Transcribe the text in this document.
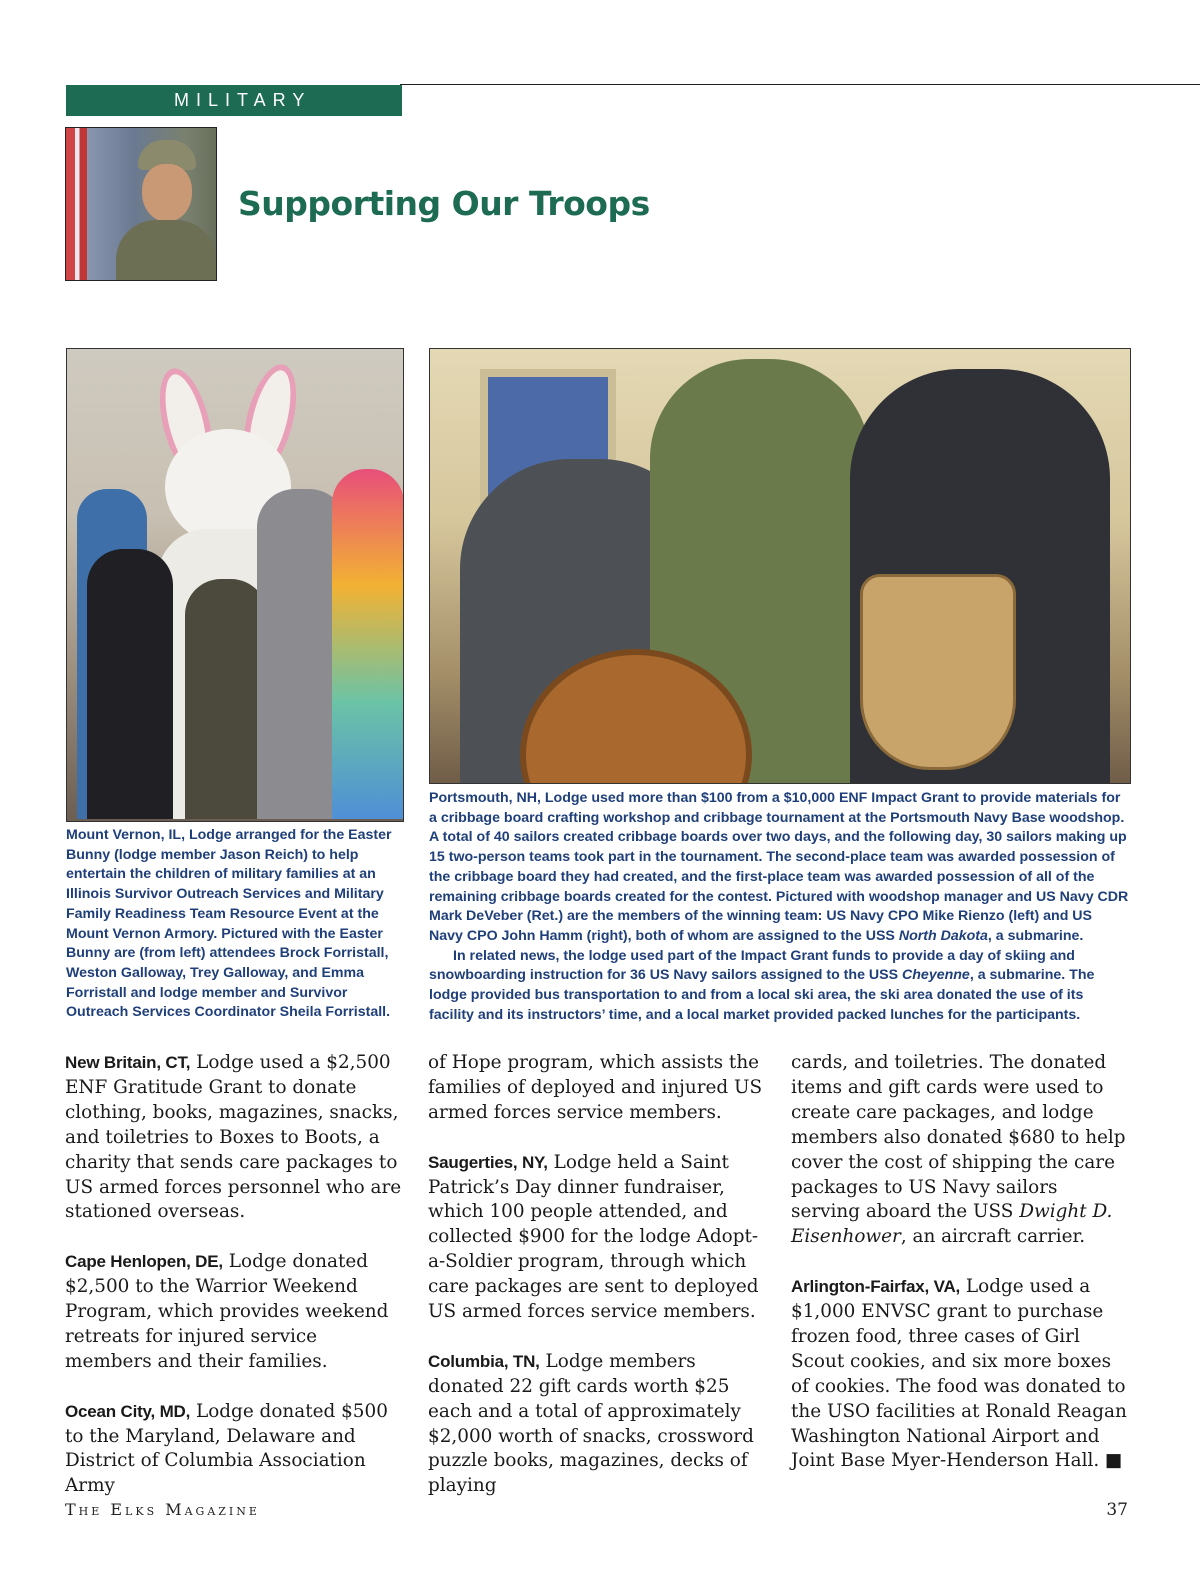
MILITARY
Supporting Our Troops
Mount Vernon, IL, Lodge arranged for the Easter Bunny (lodge member Jason Reich) to help entertain the children of military families at an Illinois Survivor Outreach Services and Military Family Readiness Team Resource Event at the Mount Vernon Armory. Pictured with the Easter Bunny are (from left) attendees Brock Forristall, Weston Galloway, Trey Galloway, and Emma Forristall and lodge member and Survivor Outreach Services Coordinator Sheila Forristall.

Portsmouth, NH, Lodge used more than $100 from a $10,000 ENF Impact Grant to provide materials for a cribbage board crafting workshop and cribbage tournament at the Portsmouth Navy Base woodshop. A total of 40 sailors created cribbage boards over two days, and the following day, 30 sailors making up 15 two-person teams took part in the tournament. The second-place team was awarded possession of the cribbage board they had created, and the first-place team was awarded possession of all of the remaining cribbage boards created for the contest. Pictured with woodshop manager and US Navy CDR Mark DeVeber (Ret.) are the members of the winning team: US Navy CPO Mike Rienzo (left) and US Navy CPO John Hamm (right), both of whom are assigned to the USS North Dakota, a submarine.

In related news, the lodge used part of the Impact Grant funds to provide a day of skiing and snowboarding instruction for 36 US Navy sailors assigned to the USS Cheyenne, a submarine. The lodge provided bus transportation to and from a local ski area, the ski area donated the use of its facility and its instructors’ time, and a local market provided packed lunches for the participants.

New Britain, CT, Lodge used a $2,500 ENF Gratitude Grant to donate clothing, books, magazines, snacks, and toiletries to Boxes to Boots, a charity that sends care packages to US armed forces personnel who are stationed overseas.

Cape Henlopen, DE, Lodge donated $2,500 to the Warrior Weekend Program, which provides weekend retreats for injured service members and their families.

Ocean City, MD, Lodge donated $500 to the Maryland, Delaware and District of Columbia Association Army

of Hope program, which assists the families of deployed and injured US armed forces service members.

Saugerties, NY, Lodge held a Saint Patrick’s Day dinner fundraiser, which 100 people attended, and collected $900 for the lodge Adopt-a-Soldier program, through which care packages are sent to deployed US armed forces service members.

Columbia, TN, Lodge members donated 22 gift cards worth $25 each and a total of approximately $2,000 worth of snacks, crossword puzzle books, magazines, decks of playing

cards, and toiletries. The donated items and gift cards were used to create care packages, and lodge members also donated $680 to help cover the cost of shipping the care packages to US Navy sailors serving aboard the USS Dwight D. Eisenhower, an aircraft carrier.

Arlington-Fairfax, VA, Lodge used a $1,000 ENVSC grant to purchase frozen food, three cases of Girl Scout cookies, and six more boxes of cookies. The food was donated to the USO facilities at Ronald Reagan Washington National Airport and Joint Base Myer-Henderson Hall. ■

The Elks Magazine	37
